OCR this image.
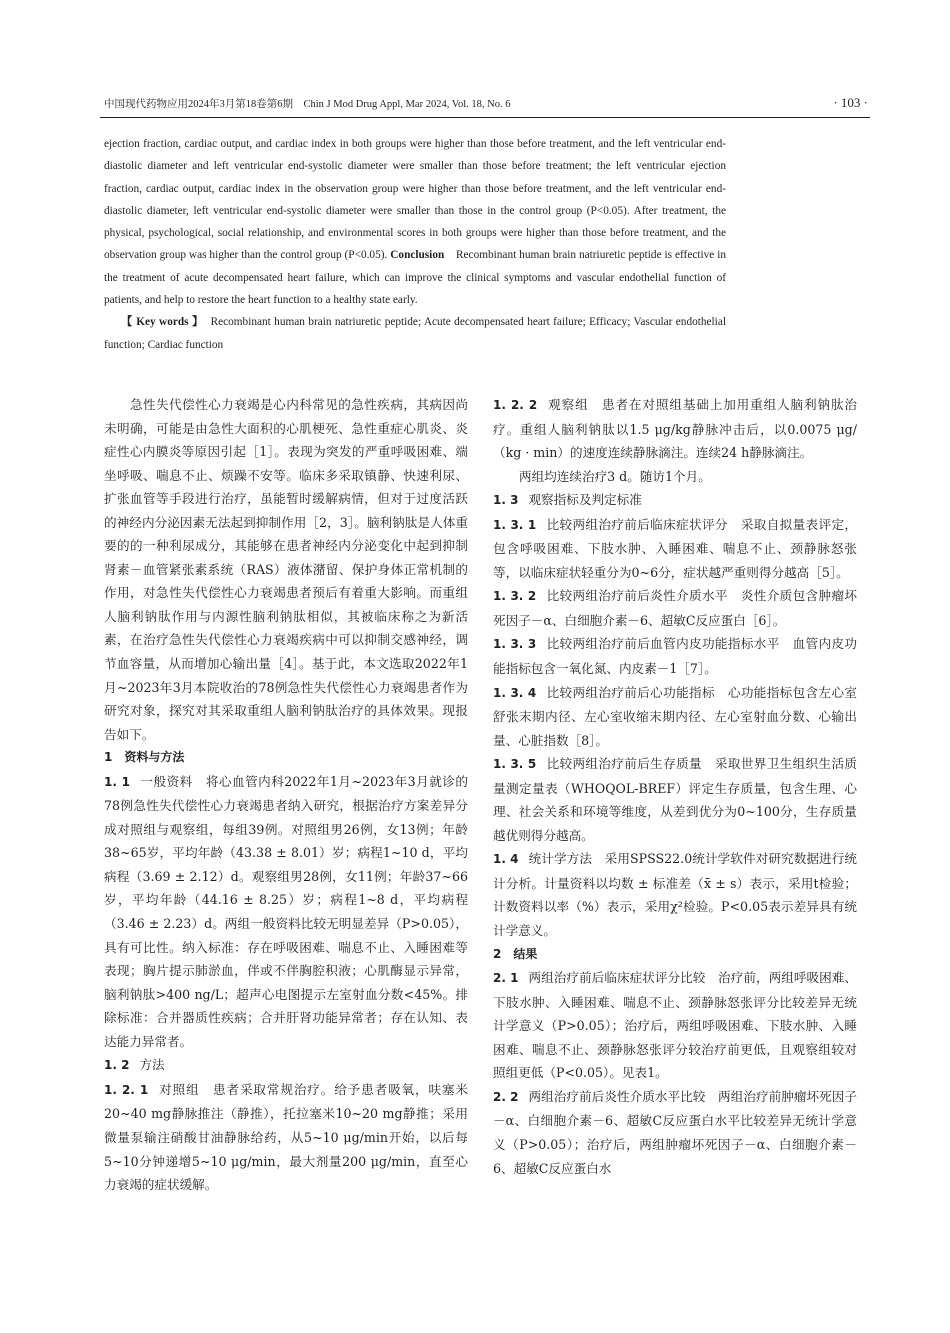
中国现代药物应用2024年3月第18卷第6期　Chin J Mod Drug Appl, Mar 2024, Vol. 18, No. 6	· 103 ·

ejection fraction, cardiac output, and cardiac index in both groups were higher than those before treatment, and the left ventricular end-diastolic diameter and left ventricular end-systolic diameter were smaller than those before treatment; the left ventricular ejection fraction, cardiac output, cardiac index in the observation group were higher than those before treatment, and the left ventricular end-diastolic diameter, left ventricular end-systolic diameter were smaller than those in the control group (P<0.05). After treatment, the physical, psychological, social relationship, and environmental scores in both groups were higher than those before treatment, and the observation group was higher than the control group (P<0.05). Conclusion Recombinant human brain natriuretic peptide is effective in the treatment of acute decompensated heart failure, which can improve the clinical symptoms and vascular endothelial function of patients, and help to restore the heart function to a healthy state early.

【 Key words 】 Recombinant human brain natriuretic peptide; Acute decompensated heart failure; Efficacy; Vascular endothelial function; Cardiac function

急性失代偿性心力衰竭是心内科常见的急性疾病，其病因尚未明确，可能是由急性大面积的心肌梗死、急性重症心肌炎、炎症性心内膜炎等原因引起［1］。表现为突发的严重呼吸困难、端坐呼吸、喘息不止、烦躁不安等。临床多采取镇静、快速利尿、扩张血管等手段进行治疗，虽能暂时缓解病情，但对于过度活跃的神经内分泌因素无法起到抑制作用［2，3］。脑利钠肽是人体重要的的一种利尿成分，其能够在患者神经内分泌变化中起到抑制肾素－血管紧张素系统（RAS）液体潴留、保护身体正常机制的作用，对急性失代偿性心力衰竭患者预后有着重大影响。而重组人脑利钠肽作用与内源性脑利钠肽相似，其被临床称之为新活素，在治疗急性失代偿性心力衰竭疾病中可以抑制交感神经，调节血容量，从而增加心输出量［4］。基于此，本文选取2022年1月~2023年3月本院收治的78例急性失代偿性心力衰竭患者作为研究对象，探究对其采取重组人脑利钠肽治疗的具体效果。现报告如下。

1　资料与方法

1. 1 一般资料　将心血管内科2022年1月~2023年3月就诊的78例急性失代偿性心力衰竭患者纳入研究，根据治疗方案差异分成对照组与观察组，每组39例。对照组男26例，女13例；年龄38~65岁，平均年龄（43.38 ± 8.01）岁；病程1~10 d，平均病程（3.69 ± 2.12）d。观察组男28例，女11例；年龄37~66岁，平均年龄（44.16 ± 8.25）岁；病程1~8 d，平均病程（3.46 ± 2.23）d。两组一般资料比较无明显差异（P>0.05），具有可比性。纳入标准：存在呼吸困难、喘息不止、入睡困难等表现；胸片提示肺淤血，伴或不伴胸腔积液；心肌酶显示异常，脑利钠肽>400 ng/L；超声心电图提示左室射血分数<45%。排除标准：合并器质性疾病；合并肝肾功能异常者；存在认知、表达能力异常者。

1. 2 方法

1. 2. 1 对照组　患者采取常规治疗。给予患者吸氧，呋塞米20~40 mg静脉推注（静推），托拉塞米10~20 mg静推；采用微量泵输注硝酸甘油静脉给药，从5~10 μg/min开始，以后每5~10分钟递增5~10 μg/min，最大剂量200 μg/min，直至心力衰竭的症状缓解。

1. 2. 2 观察组　患者在对照组基础上加用重组人脑利钠肽治疗。重组人脑利钠肽以1.5 μg/kg静脉冲击后，以0.0075 μg/（kg · min）的速度连续静脉滴注。连续24 h静脉滴注。

两组均连续治疗3 d。随访1个月。

1. 3 观察指标及判定标准

1. 3. 1 比较两组治疗前后临床症状评分　采取自拟量表评定，包含呼吸困难、下肢水肿、入睡困难、喘息不止、颈静脉怒张等，以临床症状轻重分为0~6分，症状越严重则得分越高［5］。

1. 3. 2 比较两组治疗前后炎性介质水平　炎性介质包含肿瘤坏死因子－α、白细胞介素－6、超敏C反应蛋白［6］。

1. 3. 3 比较两组治疗前后血管内皮功能指标水平　血管内皮功能指标包含一氧化氮、内皮素－1［7］。

1. 3. 4 比较两组治疗前后心功能指标　心功能指标包含左心室舒张末期内径、左心室收缩末期内径、左心室射血分数、心输出量、心脏指数［8］。

1. 3. 5 比较两组治疗前后生存质量　采取世界卫生组织生活质量测定量表（WHOQOL-BREF）评定生存质量，包含生理、心理、社会关系和环境等维度，从差到优分为0~100分，生存质量越优则得分越高。

1. 4 统计学方法　采用SPSS22.0统计学软件对研究数据进行统计分析。计量资料以均数 ± 标准差（x̄ ± s）表示，采用t检验；计数资料以率（%）表示，采用χ²检验。P<0.05表示差异具有统计学意义。

2　结果

2. 1 两组治疗前后临床症状评分比较　治疗前，两组呼吸困难、下肢水肿、入睡困难、喘息不止、颈静脉怒张评分比较差异无统计学意义（P>0.05）；治疗后，两组呼吸困难、下肢水肿、入睡困难、喘息不止、颈静脉怒张评分较治疗前更低，且观察组较对照组更低（P<0.05）。见表1。

2. 2 两组治疗前后炎性介质水平比较　两组治疗前肿瘤坏死因子－α、白细胞介素－6、超敏C反应蛋白水平比较差异无统计学意义（P>0.05）；治疗后，两组肿瘤坏死因子－α、白细胞介素－6、超敏C反应蛋白水
